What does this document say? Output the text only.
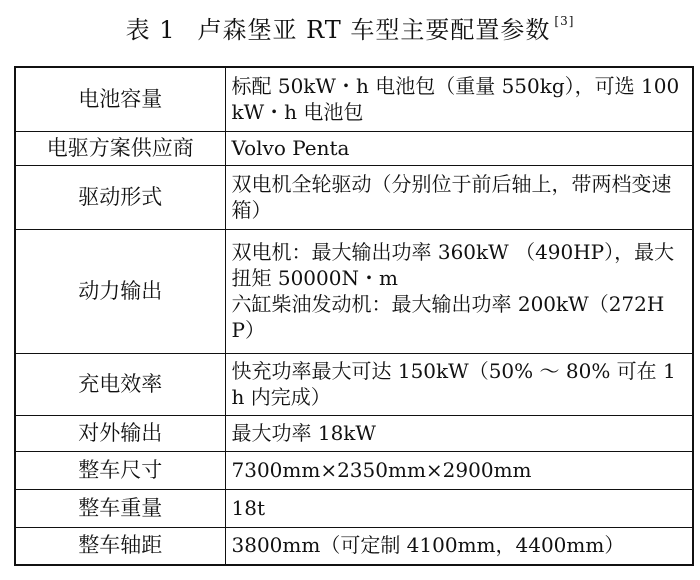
表 1 卢森堡亚 RT 车型主要配置参数 [3]
电池容量	标配 50kW・h 电池包（重量 550kg），可选 100kW・h 电池包

电驱方案供应商	Volvo Penta

驱动形式	双电机全轮驱动（分别位于前后轴上，带两档变速箱）

动力输出	双电机：最大输出功率 360kW （490HP），最大扭矩 50000N・m
六缸柴油发动机：最大输出功率 200kW（272HP）

充电效率	快充功率最大可达 150kW（50% ～ 80% 可在 1h 内完成）

对外输出	最大功率 18kW

整车尺寸	7300mm×2350mm×2900mm

整车重量	18t

整车轴距	3800mm（可定制 4100mm，4400mm）
